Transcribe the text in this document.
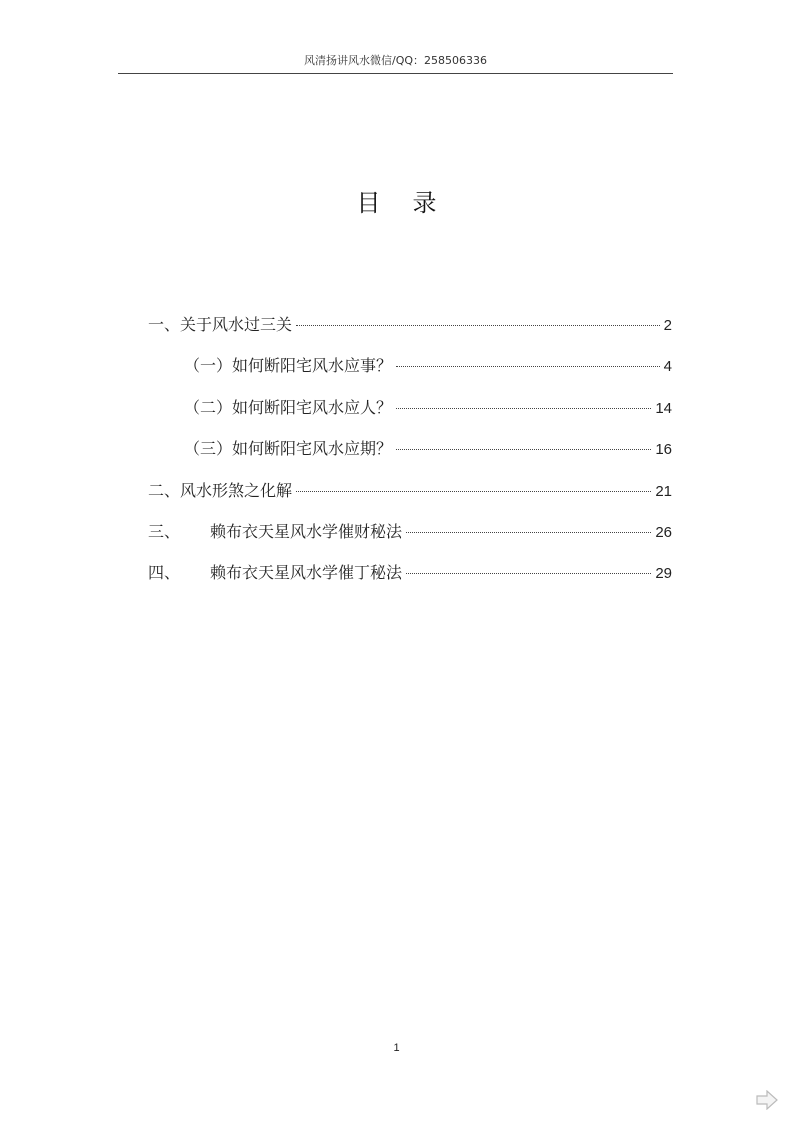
风清扬讲风水微信/QQ：258506336
目录
一、关于风水过三关	2
（一）如何断阳宅风水应事？	4
（二）如何断阳宅风水应人？	14
（三）如何断阳宅风水应期？	16
二、风水形煞之化解	21
三、 赖布衣天星风水学催财秘法	26
四、 赖布衣天星风水学催丁秘法	29
1
